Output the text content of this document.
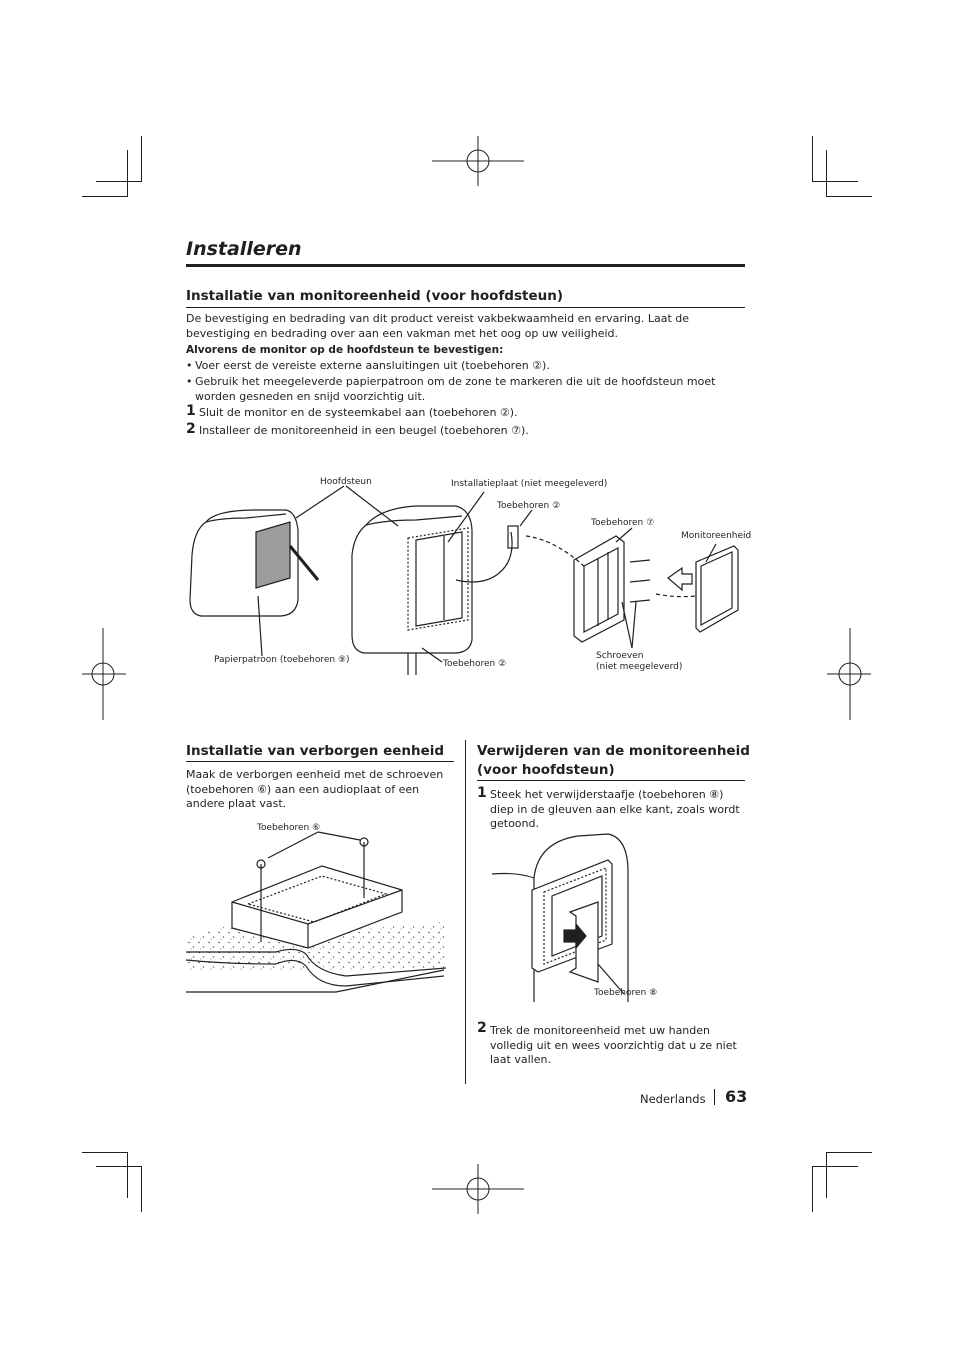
Installeren
Installatie van monitoreenheid (voor hoofdsteun)

De bevestiging en bedrading van dit product vereist vakbekwaamheid en ervaring. Laat de bevestiging en bedrading over aan een vakman met het oog op uw veiligheid.

Alvorens de monitor op de hoofdsteun te bevestigen:

• Voer eerst de vereiste externe aansluitingen uit (toebehoren ②).

• Gebruik het meegeleverde papierpatroon om de zone te markeren die uit de hoofdsteun moet worden gesneden en snijd voorzichtig uit.

1 Sluit de monitor en de systeemkabel aan (toebehoren ②).

2 Installeer de monitoreenheid in een beugel (toebehoren ⑦).

Hoofdsteun	Installatieplaat (niet meegeleverd)
Toebehoren ②
Toebehoren ⑦
Monitoreenheid
Papierpatroon (toebehoren ⑨)	Toebehoren ②
Schroeven
(niet meegeleverd)
Installatie van verborgen eenheid

Maak de verborgen eenheid met de schroeven (toebehoren ⑥) aan een audioplaat of een andere plaat vast.

Toebehoren ⑥
Verwijderen van de monitoreenheid
(voor hoofdsteun)
1 Steek het verwijderstaafje (toebehoren ⑧) diep in de gleuven aan elke kant, zoals wordt getoond.

Toebehoren ⑧
2 Trek de monitoreenheid met uw handen volledig uit en wees voorzichtig dat u ze niet laat vallen.

Nederlands 63
